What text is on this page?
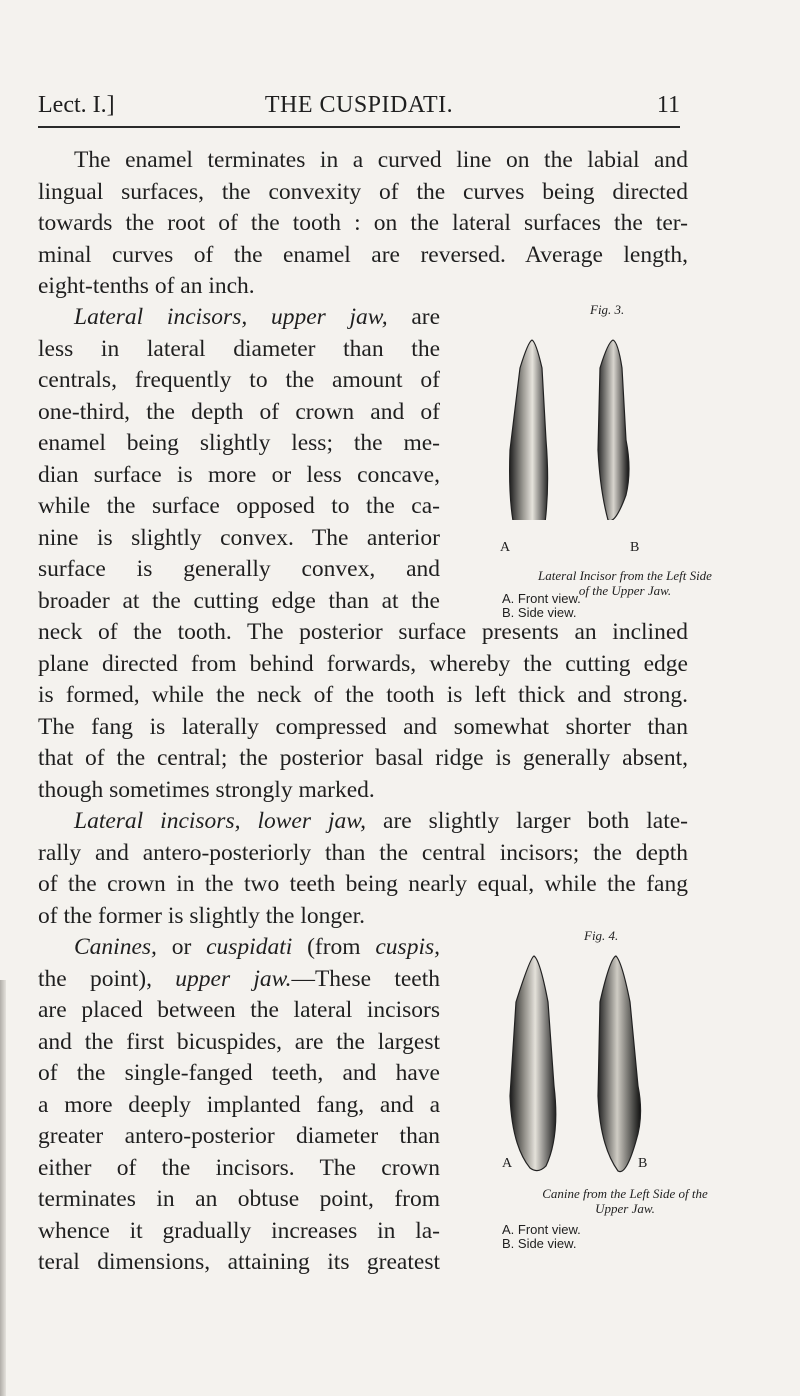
Lect. I.]	THE CUSPIDATI.	11
The enamel terminates in a curved line on the labial and
lingual surfaces, the convexity of the curves being directed
towards the root of the tooth : on the lateral surfaces the ter-
minal curves of the enamel are reversed. Average length,
eight-tenths of an inch.
Lateral incisors, upper jaw, are
less in lateral diameter than the
centrals, frequently to the amount of
one-third, the depth of crown and of
enamel being slightly less; the me-
dian surface is more or less concave,
while the surface opposed to the ca-
nine is slightly convex. The anterior
surface is generally convex, and
broader at the cutting edge than at the
neck of the tooth. The posterior surface presents an inclined
plane directed from behind forwards, whereby the cutting edge
is formed, while the neck of the tooth is left thick and strong.
The fang is laterally compressed and somewhat shorter than
that of the central; the posterior basal ridge is generally absent,
though sometimes strongly marked.
Lateral incisors, lower jaw, are slightly larger both late-
rally and antero-posteriorly than the central incisors; the depth
of the crown in the two teeth being nearly equal, while the fang
of the former is slightly the longer.
Canines, or cuspidati (from cuspis,
the point), upper jaw.—These teeth
are placed between the lateral incisors
and the first bicuspides, are the largest
of the single-fanged teeth, and have
a more deeply implanted fang, and a
greater antero-posterior diameter than
either of the incisors. The crown
terminates in an obtuse point, from
whence it gradually increases in la-
teral dimensions, attaining its greatest
Fig. 3.
A	B
Lateral Incisor from the Left Side
of the Upper Jaw.
A. Front view.
B. Side view.
Fig. 4.
A	B
Canine from the Left Side of the
Upper Jaw.
A. Front view.
B. Side view.
